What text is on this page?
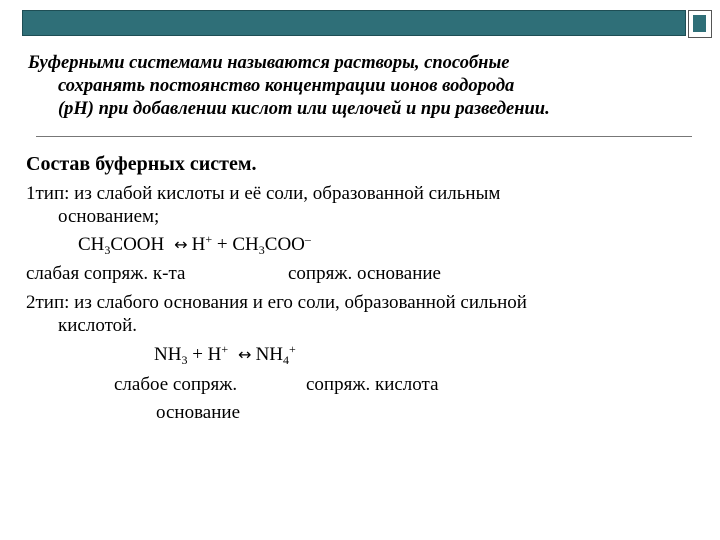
Буферными системами называются растворы, способные
сохранять постоянство концентрации ионов водорода
(pH) при добавлении кислот или щелочей и при разведении.
Состав буферных систем.
1тип: из слабой кислоты и её соли, образованной сильным
основанием;
$CH_3COOH$ ↔ $H^+ + CH_3COO^-$
слабая сопряж. к-та	сопряж. основание
2тип: из слабого основания и его соли, образованной сильной
кислотой.
$NH_3 + H^+$ ↔ $NH_4^+$
слабое сопряж.	сопряж. кислота
основание
